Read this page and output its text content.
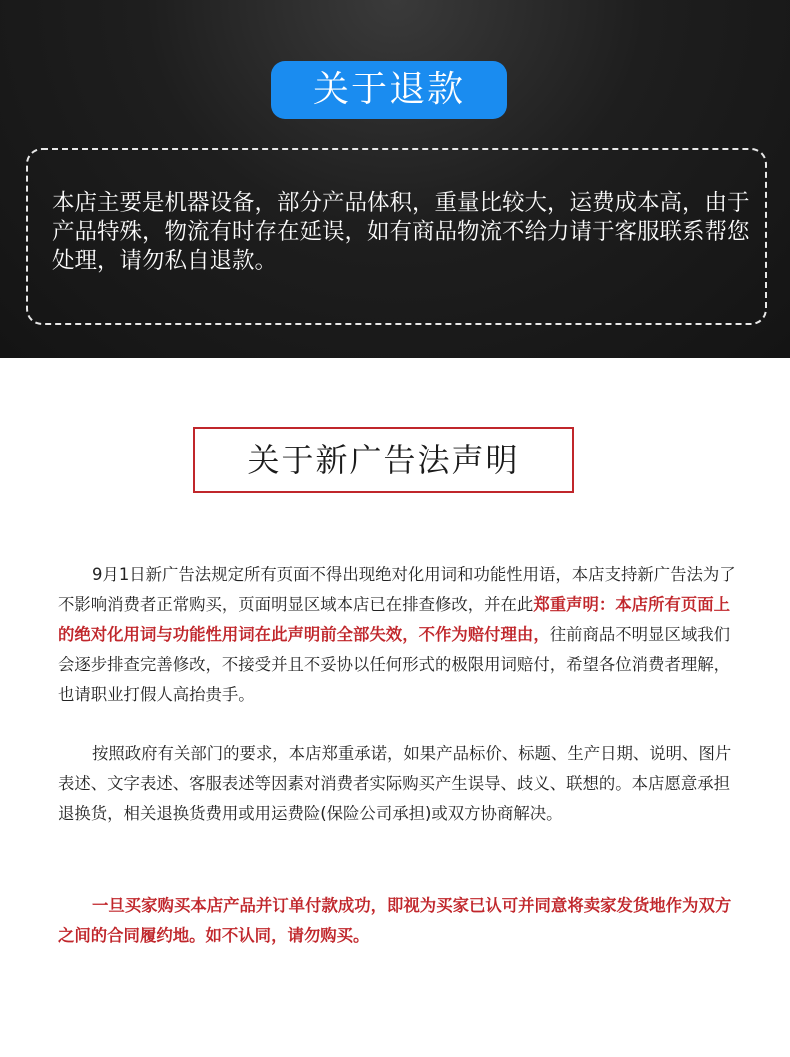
关于退款
本店主要是机器设备，部分产品体积，重量比较大，运费成本高，由于产品特殊，物流有时存在延误，如有商品物流不给力请于客服联系帮您处理，请勿私自退款。
关于新广告法声明
9月1日新广告法规定所有页面不得出现绝对化用词和功能性用语，本店支持新广告法为了不影响消费者正常购买，页面明显区域本店已在排查修改，并在此郑重声明：本店所有页面上的绝对化用词与功能性用词在此声明前全部失效，不作为赔付理由，往前商品不明显区域我们会逐步排查完善修改，不接受并且不妥协以任何形式的极限用词赔付，希望各位消费者理解，也请职业打假人高抬贵手。
按照政府有关部门的要求，本店郑重承诺，如果产品标价、标题、生产日期、说明、图片表述、文字表述、客服表述等因素对消费者实际购买产生误导、歧义、联想的。本店愿意承担退换货，相关退换货费用或用运费险(保险公司承担)或双方协商解决。
一旦买家购买本店产品并订单付款成功，即视为买家已认可并同意将卖家发货地作为双方之间的合同履约地。如不认同，请勿购买。
